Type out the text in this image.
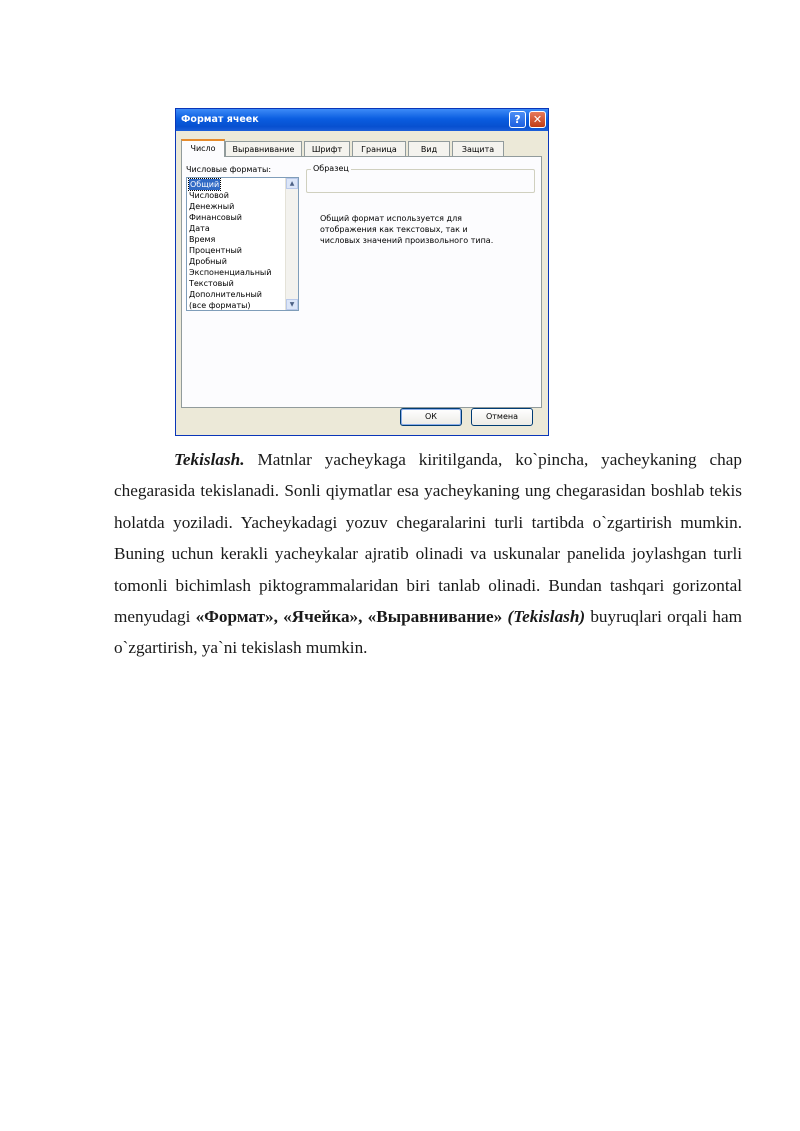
Формат ячеек	?	✕
Число	Выравнивание	Шрифт	Граница	Вид	Защита
Числовые форматы:
Общий
Числовой
Денежный
Финансовый
Дата
Время
Процентный
Дробный
Экспоненциальный
Текстовый
Дополнительный
(все форматы)
▲
▼
Образец
Общий формат используется для
отображения как текстовых, так и
числовых значений произвольного типа.
ОК	Отмена
Tekislash. Matnlar yacheykaga kiritilganda, ko`pincha, yacheykaning chap chegarasida tekislanadi. Sonli qiymatlar esa yacheykaning ung chegarasidan boshlab tekis holatda yoziladi. Yacheykadagi yozuv chegaralarini turli tartibda o`zgartirish mumkin. Buning uchun kerakli yacheykalar ajratib olinadi va uskunalar panelida joylashgan turli tomonli bichimlash piktogrammalaridan biri tanlab olinadi. Bundan tashqari gorizontal menyudagi «Формат», «Ячейка», «Выравнивание» (Tekislash) buyruqlari orqali ham o`zgartirish, ya`ni tekislash mumkin.
